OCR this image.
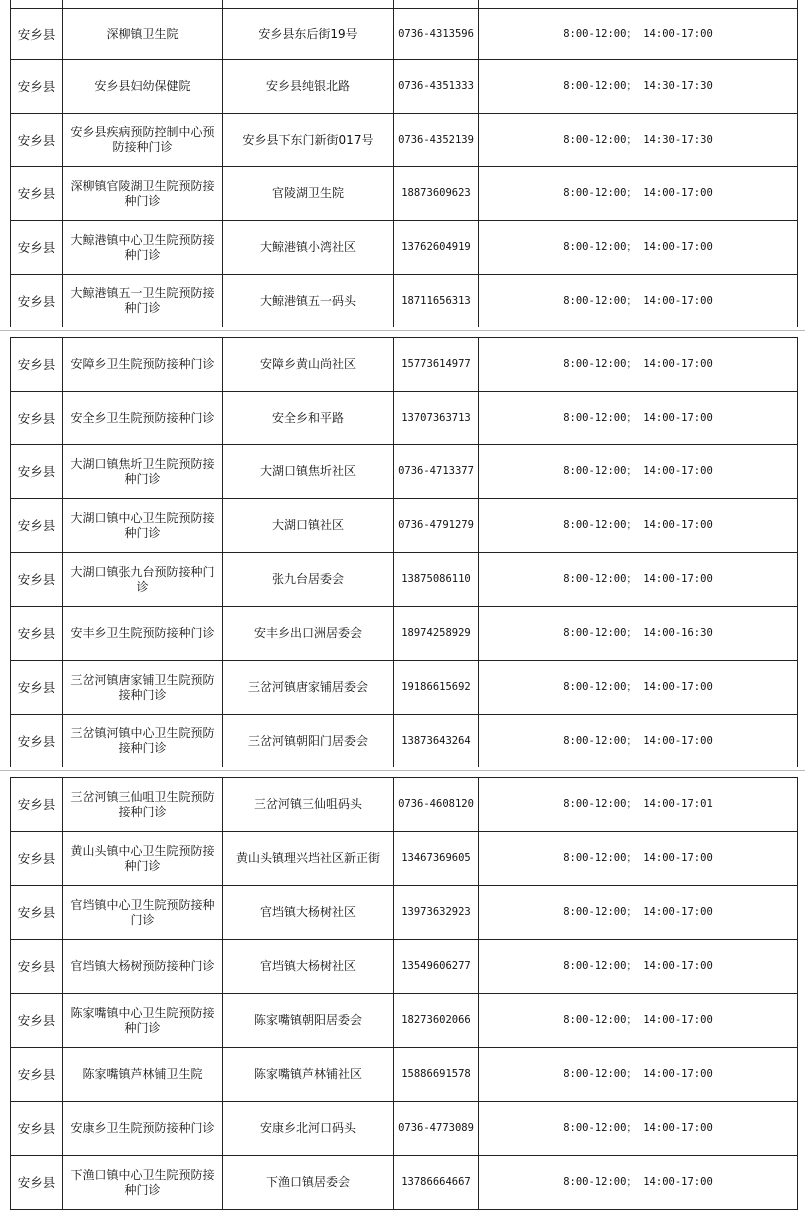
安乡县	深柳镇卫生院	安乡县东后街19号	0736-4313596	8:00-12:00； 14:00-17:00
安乡县	安乡县妇幼保健院	安乡县纯银北路	0736-4351333	8:00-12:00； 14:30-17:30
安乡县	安乡县疾病预防控制中心预防接种门诊	安乡县下东门新街017号	0736-4352139	8:00-12:00； 14:30-17:30
安乡县	深柳镇官陵湖卫生院预防接种门诊	官陵湖卫生院	18873609623	8:00-12:00； 14:00-17:00
安乡县	大鲸港镇中心卫生院预防接种门诊	大鲸港镇小湾社区	13762604919	8:00-12:00； 14:00-17:00
安乡县	大鲸港镇五一卫生院预防接种门诊	大鲸港镇五一码头	18711656313	8:00-12:00； 14:00-17:00
安乡县	安障乡卫生院预防接种门诊	安障乡黄山尚社区	15773614977	8:00-12:00； 14:00-17:00
安乡县	安全乡卫生院预防接种门诊	安全乡和平路	13707363713	8:00-12:00； 14:00-17:00
安乡县	大湖口镇焦圻卫生院预防接种门诊	大湖口镇焦圻社区	0736-4713377	8:00-12:00； 14:00-17:00
安乡县	大湖口镇中心卫生院预防接种门诊	大湖口镇社区	0736-4791279	8:00-12:00； 14:00-17:00
安乡县	大湖口镇张九台预防接种门诊	张九台居委会	13875086110	8:00-12:00； 14:00-17:00
安乡县	安丰乡卫生院预防接种门诊	安丰乡出口洲居委会	18974258929	8:00-12:00； 14:00-16:30
安乡县	三岔河镇唐家铺卫生院预防接种门诊	三岔河镇唐家铺居委会	19186615692	8:00-12:00； 14:00-17:00
安乡县	三岔镇河镇中心卫生院预防接种门诊	三岔河镇朝阳门居委会	13873643264	8:00-12:00； 14:00-17:00
安乡县	三岔河镇三仙咀卫生院预防接种门诊	三岔河镇三仙咀码头	0736-4608120	8:00-12:00； 14:00-17:01
安乡县	黄山头镇中心卫生院预防接种门诊	黄山头镇理兴垱社区新正街	13467369605	8:00-12:00； 14:00-17:00
安乡县	官垱镇中心卫生院预防接种门诊	官垱镇大杨树社区	13973632923	8:00-12:00； 14:00-17:00
安乡县	官垱镇大杨树预防接种门诊	官垱镇大杨树社区	13549606277	8:00-12:00； 14:00-17:00
安乡县	陈家嘴镇中心卫生院预防接种门诊	陈家嘴镇朝阳居委会	18273602066	8:00-12:00； 14:00-17:00
安乡县	陈家嘴镇芦林铺卫生院	陈家嘴镇芦林铺社区	15886691578	8:00-12:00； 14:00-17:00
安乡县	安康乡卫生院预防接种门诊	安康乡北河口码头	0736-4773089	8:00-12:00； 14:00-17:00
安乡县	下渔口镇中心卫生院预防接种门诊	下渔口镇居委会	13786664667	8:00-12:00； 14:00-17:00
